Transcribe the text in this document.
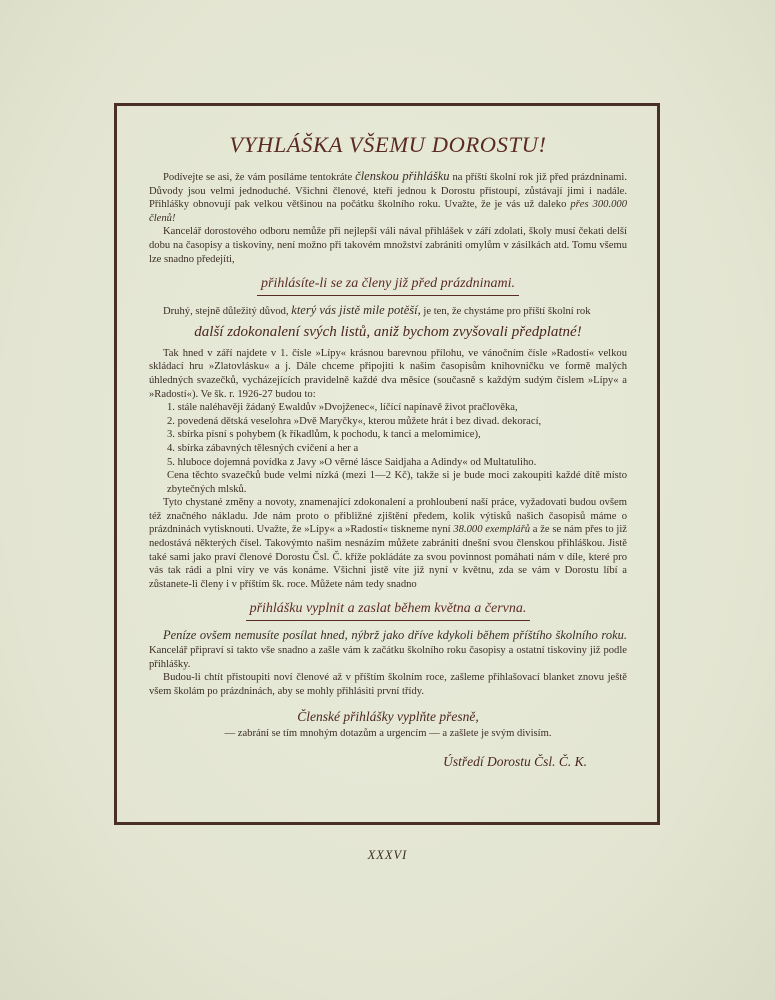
VYHLÁŠKA VŠEMU DOROSTU!

Podívejte se asi, že vám posíláme tentokráte členskou přihlášku na příští školní rok již před prázdninami. Důvody jsou velmi jednoduché. Všichni členové, kteří jednou k Dorostu přistoupí, zůstávají jimi i nadále. Přihlášky obnovují pak velkou většinou na počátku školního roku. Uvažte, že je vás už daleko přes 300.000 členů!

Kancelář dorostového odboru nemůže při nejlepší váli nával přihlášek v září zdolati, školy musí čekati delší dobu na časopisy a tiskoviny, není možno při takovém množství zabrániti omylům v zásilkách atd. Tomu všemu lze snadno předejíti,

přihlásíte-li se za členy již před prázdninami.

Druhý, stejně důležitý důvod, který vás jistě mile potěší, je ten, že chystáme pro příští školní rok

další zdokonalení svých listů, aniž bychom zvyšovali předplatné!

Tak hned v září najdete v 1. čísle »Lípy« krásnou barevnou přílohu, ve vánočním čísle »Radostí« velkou skládací hru »Zlatovlásku« a j. Dále chceme připojiti k našim časopisům knihovničku ve formě malých úhledných svazečků, vycházejících pravidelně každé dva měsíce (současně s každým sudým číslem »Lípy« a »Radostí«). Ve šk. r. 1926-27 budou to:

1. stále naléhavěji žádaný Ewaldův »Dvojženec«, líčící napínavě život pračlověka,

2. povedená dětská veselohra »Dvě Maryčky«, kterou můžete hrát i bez divad. dekorací,

3. sbírka písní s pohybem (k říkadlům, k pochodu, k tanci a melomimice),

4. sbírka zábavných tělesných cvičení a her a

5. hluboce dojemná povídka z Javy »O věrné lásce Saidjaha a Adindy« od Multatuliho.

Cena těchto svazečků bude velmi nízká (mezi 1—2 Kč), takže si je bude moci zakoupiti každé dítě místo zbytečných mlsků.

Tyto chystané změny a novoty, znamenající zdokonalení a prohloubení naší práce, vyžadovati budou ovšem též značného nákladu. Jde nám proto o přibližné zjištění předem, kolik výtisků našich časopisů máme o prázdninách vytisknouti. Uvažte, že »Lípy« a »Radostí« tiskneme nyní 38.000 exemplářů a že se nám přes to již nedostává některých čísel. Takovýmto našim nesnázím můžete zabrániti dnešní svou členskou přihláškou. Jistě také sami jako praví členové Dorostu Čsl. Č. kříže pokládáte za svou povinnost pomáhati nám v díle, které pro vás tak rádi a plni víry ve vás konáme. Všichni jistě víte již nyní v květnu, zda se vám v Dorostu líbí a zůstanete-li členy i v příštím šk. roce. Můžete nám tedy snadno

přihlášku vyplnit a zaslat během května a června.

Peníze ovšem nemusíte posílat hned, nýbrž jako dříve kdykoli během příštího školního roku. Kancelář připraví si takto vše snadno a zašle vám k začátku školního roku časopisy a ostatní tiskoviny již podle přihlášky.

Budou-li chtít přistoupiti noví členové až v příštím školním roce, zašleme přihlašovací blanket znovu ještě všem školám po prázdninách, aby se mohly přihlásiti první třídy.

Členské přihlášky vyplňte přesně,

— zabrání se tím mnohým dotazům a urgencím — a zašlete je svým divisím.

Ústředí Dorostu Čsl. Č. K.
XXXVI
